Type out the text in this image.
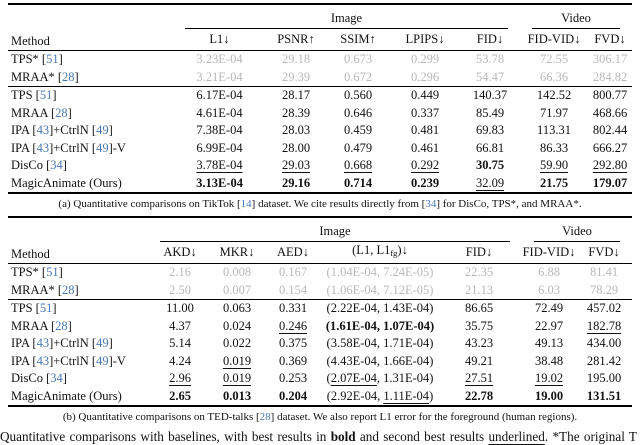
Method	Image					Video	

	L1↓	PSNR↑	SSIM↑	LPIPS↓	FID↓	FID-VID↓	FVD↓
TPS* [51]	3.23E-04	29.18	0.673	0.299	53.78	72.55	306.17
MRAA* [28]	3.21E-04	29.39	0.672	0.296	54.47	66.36	284.82
TPS [51]	6.17E-04	28.17	0.560	0.449	140.37	142.52	800.77
MRAA [28]	4.61E-04	28.39	0.646	0.337	85.49	71.97	468.66
IPA [43]+CtrlN [49]	7.38E-04	28.03	0.459	0.481	69.83	113.31	802.44
IPA [43]+CtrlN [49]-V	6.99E-04	28.00	0.479	0.461	66.81	86.33	666.27
DisCo [34]	3.78E-04	29.03	0.668	0.292	30.75	59.90	292.80
MagicAnimate (Ours)	3.13E-04	29.16	0.714	0.239	32.09	21.75	179.07
(a) Quantitative comparisons on TikTok [14] dataset. We cite results directly from [34] for DisCo, TPS*, and MRAA*.
Method	Image					Video	

	AKD↓	MKR↓	AED↓	(L1, $L1_{fg})↓$	FID↓	FID-VID↓	FVD↓
TPS* [51]	2.16	0.008	0.167	(1.04E-04, 7.24E-05)	22.35	6.88	81.41
MRAA* [28]	2.50	0.007	0.154	(1.06E-04, 7.12E-05)	21.13	6.03	78.29
TPS [51]	11.00	0.063	0.331	(2.22E-04, 1.43E-04)	86.65	72.49	457.02
MRAA [28]	4.37	0.024	0.246	(1.61E-04, 1.07E-04)	35.75	22.97	182.78
IPA [43]+CtrlN [49]	5.14	0.022	0.375	(3.58E-04, 1.71E-04)	43.23	49.13	434.00
IPA [43]+CtrlN [49]-V	4.24	0.019	0.369	(4.43E-04, 1.66E-04)	49.21	38.48	281.42
DisCo [34]	2.96	0.019	0.253	(2.07E-04, 1.31E-04)	27.51	19.02	195.00
MagicAnimate (Ours)	2.65	0.013	0.204	(2.92E-04, 1.11E-04)	22.78	19.00	131.51
(b) Quantitative comparisons on TED-talks [28] dataset. We also report L1 error for the foreground (human regions).
Quantitative comparisons with baselines, with best results in bold and second best results underlined. *The original T
